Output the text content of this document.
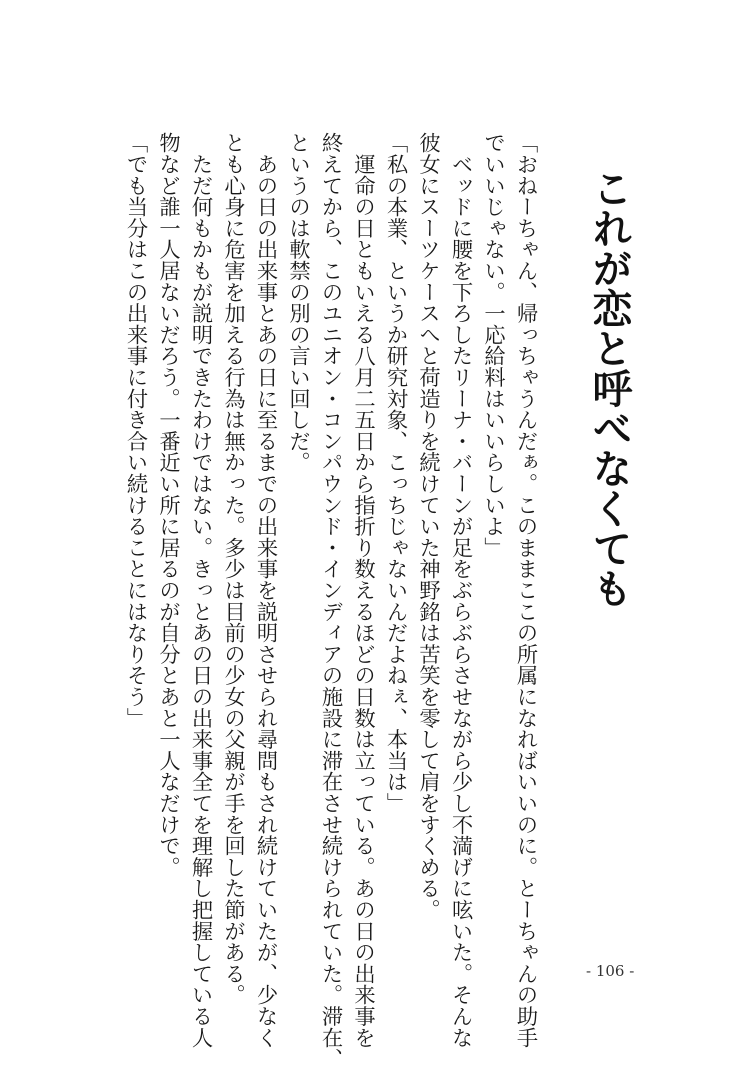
これが恋と呼べなくても

「おねーちゃん、帰っちゃうんだぁ。このままここの所属になればいいのに。とーちゃんの助手

でいいじゃない。一応給料はいいらしいよ」

　ベッドに腰を下ろしたリーナ・バーンが足をぶらぶらさせながら少し不満げに呟いた。そんな

彼女にスーツケースへと荷造りを続けていた神野銘は苦笑を零して肩をすくめる。

「私の本業、というか研究対象、こっちじゃないんだよねぇ、本当は」

　運命の日ともいえる八月二五日から指折り数えるほどの日数は立っている。あの日の出来事を

終えてから、このユニオン・コンパウンド・インディアの施設に滞在させ続けられていた。滞在、

というのは軟禁の別の言い回しだ。

　あの日の出来事とあの日に至るまでの出来事を説明させられ尋問もされ続けていたが、少なく

とも心身に危害を加える行為は無かった。多少は目前の少女の父親が手を回した節がある。

　ただ何もかもが説明できたわけではない。きっとあの日の出来事全てを理解し把握している人

物など誰一人居ないだろう。一番近い所に居るのが自分とあと一人なだけで。

「でも当分はこの出来事に付き合い続けることにはなりそう」

- 106 -
